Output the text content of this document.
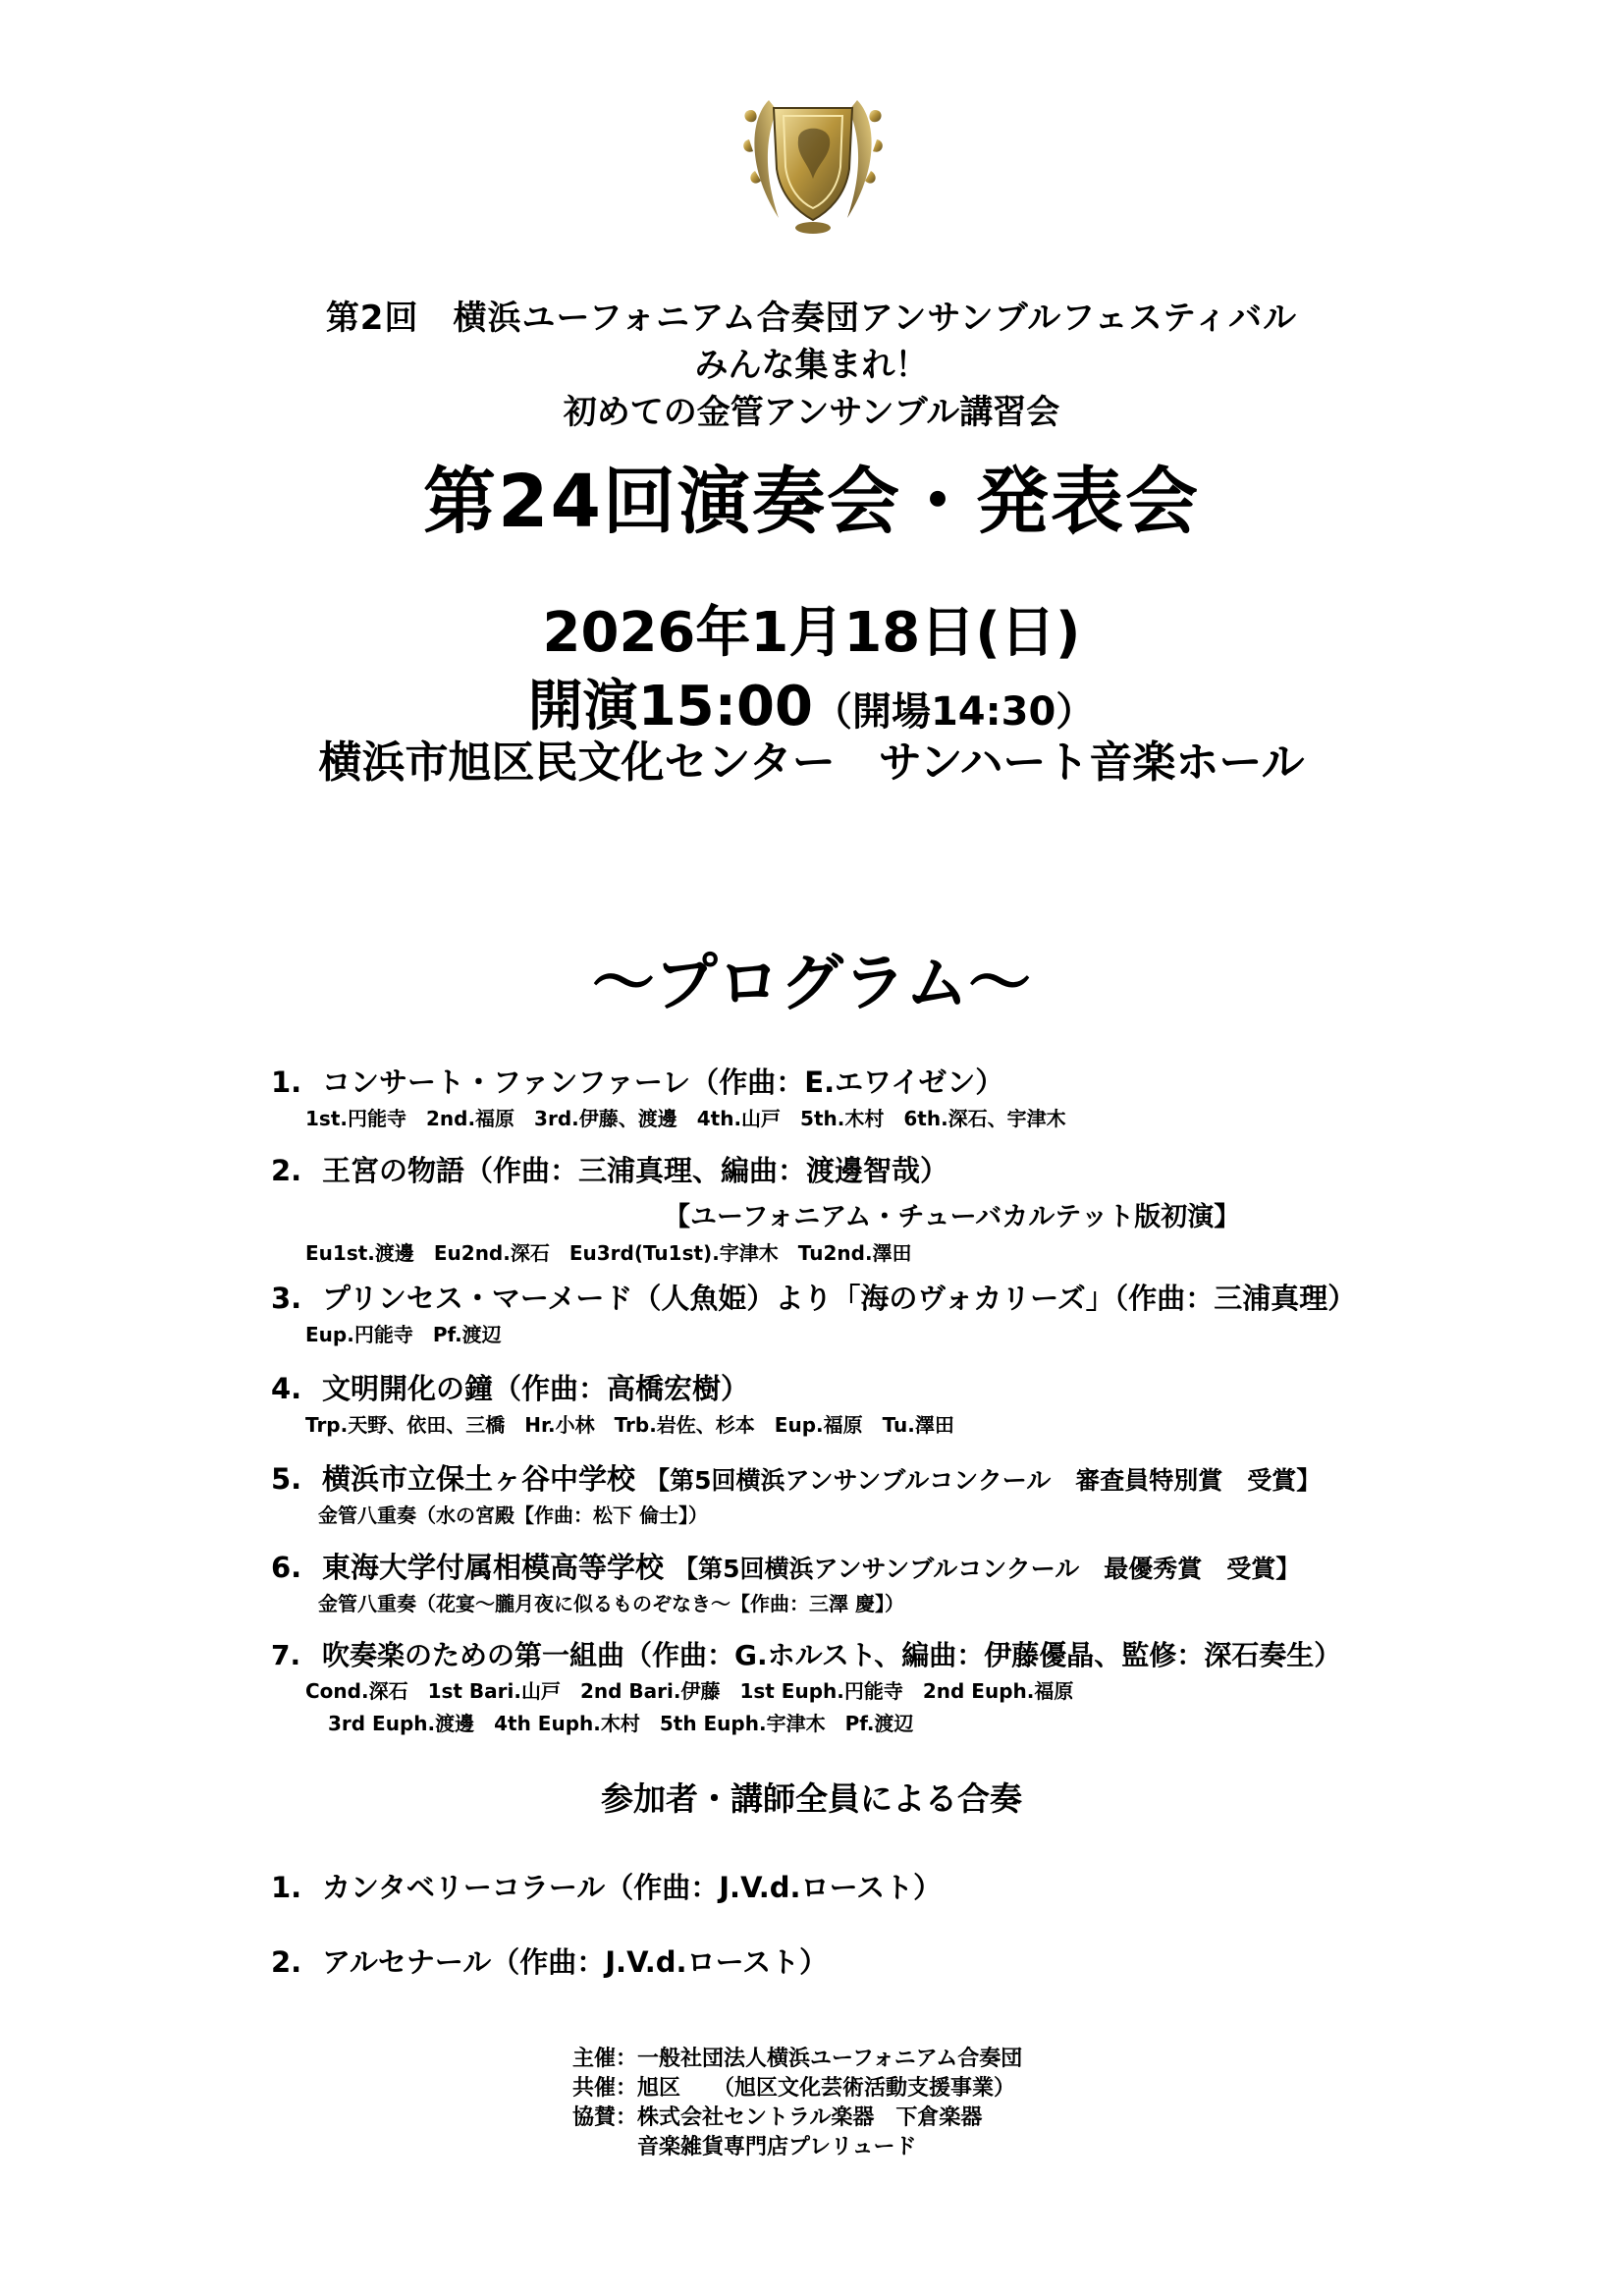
第2回　横浜ユーフォニアム合奏団アンサンブルフェスティバル
みんな集まれ！
初めての金管アンサンブル講習会
第24回演奏会・発表会
2026年1月18日(日)
開演15:00（開場14:30）
横浜市旭区民文化センター　サンハート音楽ホール
～プログラム～
1. コンサート・ファンファーレ（作曲：E.エワイゼン）
1st.円能寺　2nd.福原　3rd.伊藤、渡邊　4th.山戸　5th.木村　6th.深石、宇津木
2. 王宮の物語（作曲：三浦真理、編曲：渡邊智哉）
【ユーフォニアム・チューバカルテット版初演】
Eu1st.渡邊　Eu2nd.深石　Eu3rd(Tu1st).宇津木　Tu2nd.澤田
3. プリンセス・マーメード（人魚姫）より「海のヴォカリーズ」（作曲：三浦真理）
Eup.円能寺　Pf.渡辺
4. 文明開化の鐘（作曲：高橋宏樹）
Trp.天野、依田、三橋　Hr.小林　Trb.岩佐、杉本　Eup.福原　Tu.澤田
5. 横浜市立保土ヶ谷中学校 【第5回横浜アンサンブルコンクール　審査員特別賞　受賞】
金管八重奏（水の宮殿【作曲：松下 倫士】）
6. 東海大学付属相模高等学校 【第5回横浜アンサンブルコンクール　最優秀賞　受賞】
金管八重奏（花宴～朧月夜に似るものぞなき～【作曲：三澤 慶】）
7. 吹奏楽のための第一組曲（作曲：G.ホルスト、編曲：伊藤優晶、監修：深石奏生）
Cond.深石　1st Bari.山戸　2nd Bari.伊藤　1st Euph.円能寺　2nd Euph.福原
3rd Euph.渡邊　4th Euph.木村　5th Euph.宇津木　Pf.渡辺
参加者・講師全員による合奏
1. カンタベリーコラール（作曲：J.V.d.ロースト）
2. アルセナール（作曲：J.V.d.ロースト）
主催：一般社団法人横浜ユーフォニアム合奏団
共催：旭区　　（旭区文化芸術活動支援事業）
協賛：株式会社セントラル楽器　下倉楽器
　　　音楽雑貨専門店プレリュード
